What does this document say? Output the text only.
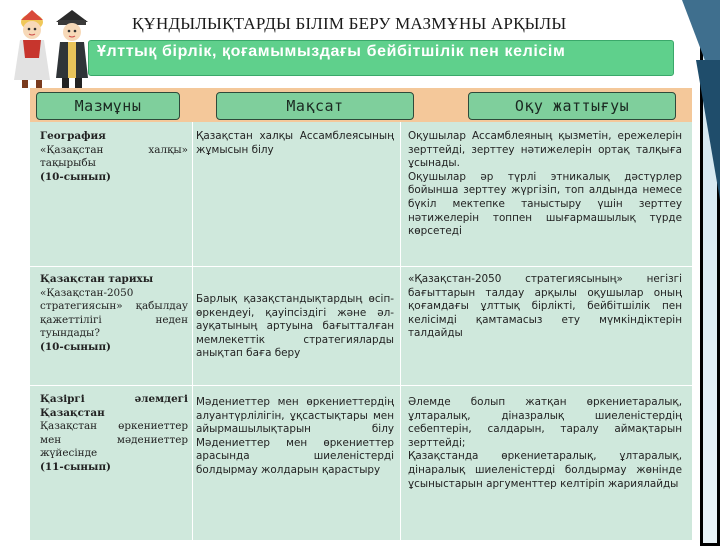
ҚҰНДЫЛЫҚТАРДЫ БІЛІМ БЕРУ МАЗМҰНЫ АРҚЫЛЫ
Ұлттық бірлік, қоғамымыздағы бейбітшілік пен келісім
Мазмұны	Мақсат	Оқу жаттығуы

География

«Қазақстан халқы» тақырыбы

(10-сынып)

Қазақстан халқы Ассамблеясының жұмысын білу

Оқушылар Ассамблеяның қызметін, ережелерін зерттейді, зерттеу нәтижелерін ортақ талқыға ұсынады.

Оқушылар әр түрлі этникалық дәстүрлер бойынша зерттеу жүргізіп, топ алдында немесе бүкіл мектепке таныстыру үшін зерттеу нәтижелерін топпен шығармашылық түрде көрсетеді

Қазақстан тарихы

«Қазақстан-2050 стратегиясын» қабылдау қажеттілігі неден туындады?

(10-сынып)

Барлық қазақстандықтардың өсіп-өркендеуі, қауіпсіздігі және әл-ауқатының артуына бағытталған мемлекеттік стратегияларды анықтап баға беру

«Қазақстан-2050 стратегиясының» негізгі бағыттарын талдау арқылы оқушылар оның қоғамдағы ұлттық бірлікті, бейбітшілік пен келісімді қамтамасыз ету мүмкіндіктерін талдайды

Қазіргі әлемдегі Қазақстан

Қазақстан өркениеттер мен мәдениеттер жүйесінде

(11-сынып)

Мәдениеттер мен өркениеттердің алуантүрлілігін, ұқсастықтары мен айырмашылықтарын білу Мәдениеттер мен өркениеттер арасында шиеленістерді болдырмау жолдарын қарастыру

Әлемде болып жатқан өркениетаралық, ұлтаралық, діназралық шиеленістердің себептерін, салдарын, таралу аймақтарын зерттейді;

Қазақстанда өркениетаралық, ұлтаралық, дінаралық шиеленістерді болдырмау жөнінде ұсыныстарын аргументтер келтіріп жариялайды
